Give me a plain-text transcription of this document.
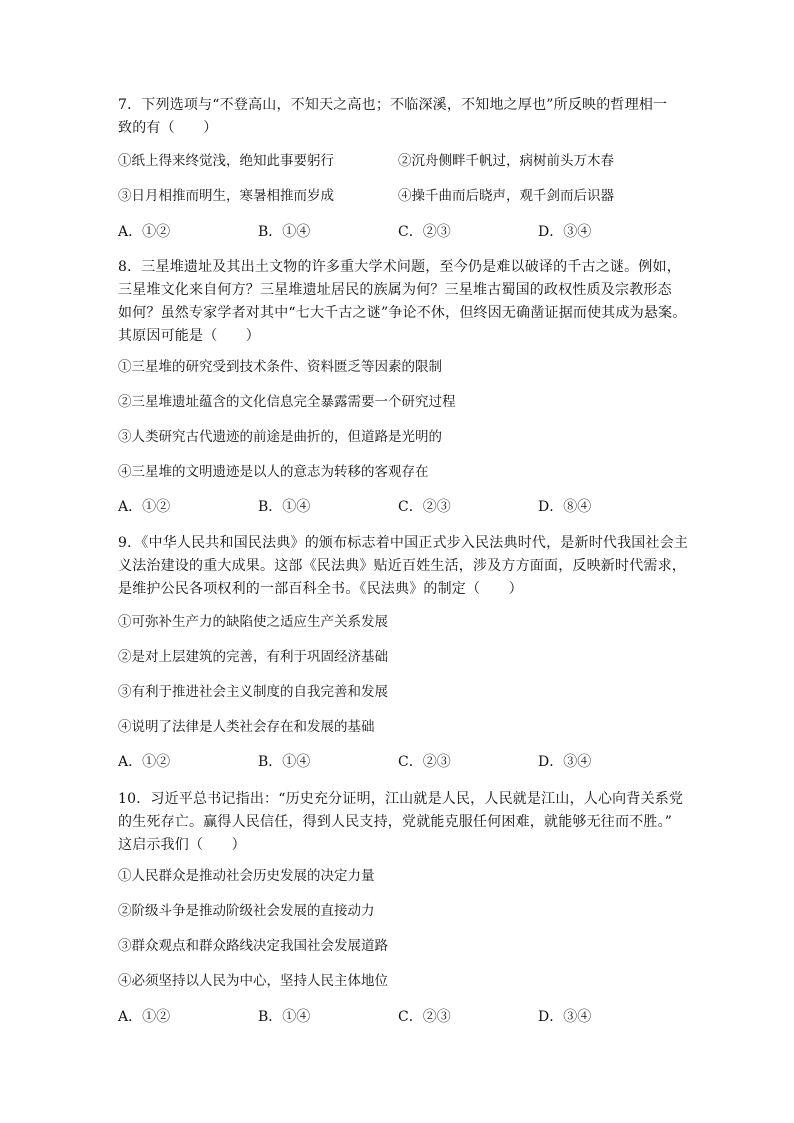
7．下列选项与“不登高山，不知天之高也；不临深溪，不知地之厚也”所反映的哲理相一
致的有（　　）
①纸上得来终觉浅，绝知此事要躬行	②沉舟侧畔千帆过，病树前头万木春
③日月相推而明生，寒暑相推而岁成	④操千曲而后晓声，观千剑而后识器
A．①②	B．①④	C．②③	D．③④
8．三星堆遗址及其出土文物的许多重大学术问题，至今仍是难以破译的千古之谜。例如，
三星堆文化来自何方？三星堆遗址居民的族属为何？三星堆古蜀国的政权性质及宗教形态
如何？虽然专家学者对其中“七大千古之谜”争论不休，但终因无确凿证据而使其成为悬案。
其原因可能是（　　）
①三星堆的研究受到技术条件、资料匮乏等因素的限制
②三星堆遗址蕴含的文化信息完全暴露需要一个研究过程
③人类研究古代遗迹的前途是曲折的，但道路是光明的
④三星堆的文明遗迹是以人的意志为转移的客观存在
A．①②	B．①④	C．②③	D．⑧④
9．《中华人民共和国民法典》的颁布标志着中国正式步入民法典时代，是新时代我国社会主
义法治建设的重大成果。这部《民法典》贴近百姓生活，涉及方方面面，反映新时代需求，
是维护公民各项权利的一部百科全书。《民法典》的制定（　　）
①可弥补生产力的缺陷使之适应生产关系发展
②是对上层建筑的完善，有利于巩固经济基础
③有利于推进社会主义制度的自我完善和发展
④说明了法律是人类社会存在和发展的基础
A．①②	B．①④	C．②③	D．③④
10．习近平总书记指出：“历史充分证明，江山就是人民，人民就是江山，人心向背关系党
的生死存亡。赢得人民信任，得到人民支持，党就能克服任何困难，就能够无往而不胜。”
这启示我们（　　）
①人民群众是推动社会历史发展的决定力量
②阶级斗争是推动阶级社会发展的直接动力
③群众观点和群众路线决定我国社会发展道路
④必须坚持以人民为中心，坚持人民主体地位
A．①②	B．①④	C．②③	D．③④
